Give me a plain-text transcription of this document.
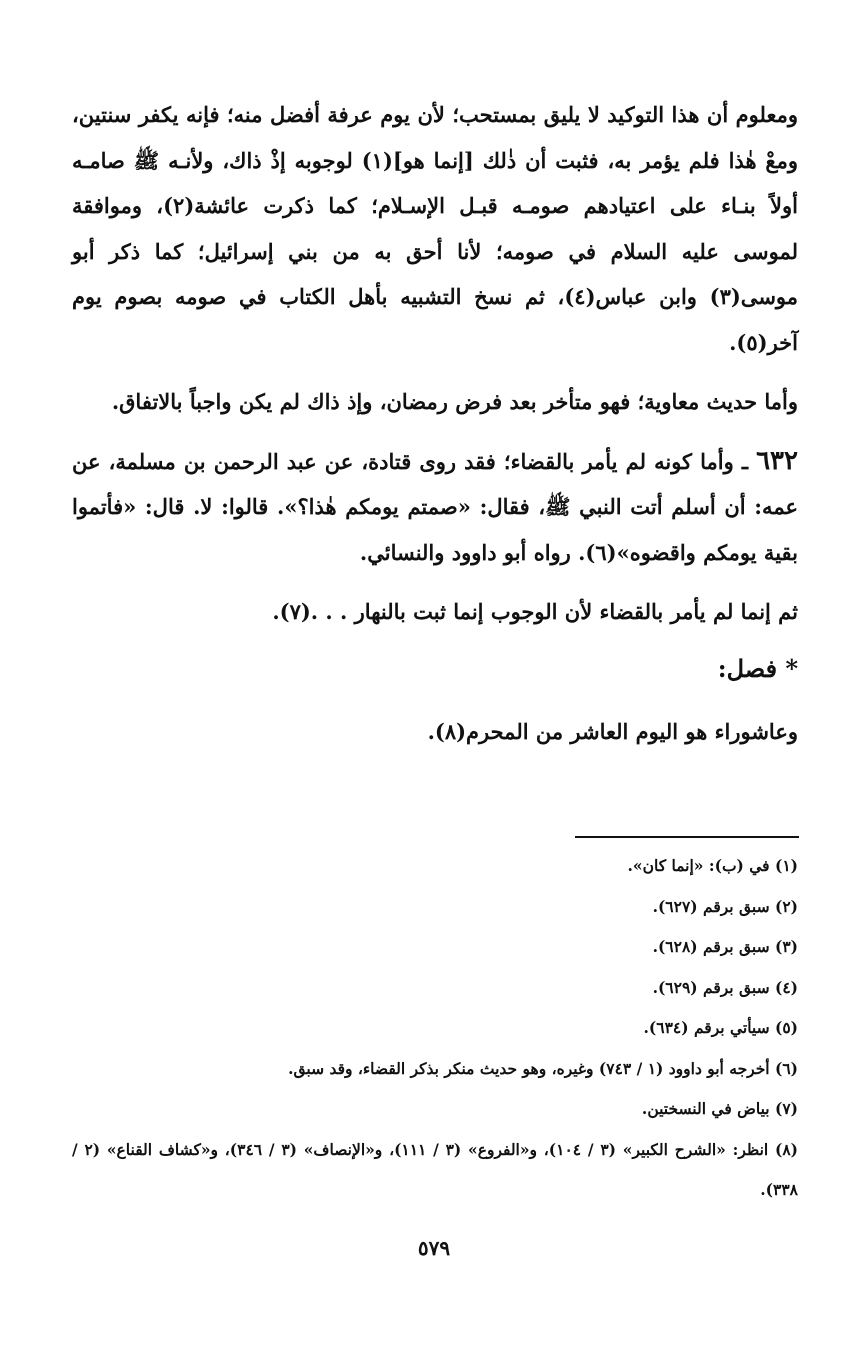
ومعلوم أن هذا التوكيد لا يليق بمستحب؛ لأن يوم عرفة أفضل منه؛ فإنه يكفر سنتين، ومعْ هٰذا فلم يؤمر به، فثبت أن ذٰلك [إنما هو](١) لوجوبه إذْ ذاك، ولأنـه ﷺ صامـه أولاً بنـاء على اعتيادهم صومـه قبـل الإسـلام؛ كما ذكرت عائشة(٢)، وموافقة لموسى عليه السلام في صومه؛ لأنا أحق به من بني إسرائيل؛ كما ذكر أبو موسى(٣) وابن عباس(٤)، ثم نسخ التشبيه بأهل الكتاب في صومه بصوم يوم آخر(٥).

وأما حديث معاوية؛ فهو متأخر بعد فرض رمضان، وإذ ذاك لم يكن واجباً بالاتفاق.

٦٣٢ ـ وأما كونه لم يأمر بالقضاء؛ فقد روى قتادة، عن عبد الرحمن بن مسلمة، عن عمه: أن أسلم أتت النبي ﷺ، فقال: «صمتم يومكم هٰذا؟». قالوا: لا. قال: «فأتموا بقية يومكم واقضوه»(٦). رواه أبو داوود والنسائي.

ثم إنما لم يأمر بالقضاء لأن الوجوب إنما ثبت بالنهار . . .(٧).

* فصل:

وعاشوراء هو اليوم العاشر من المحرم(٨).

(١) في (ب): «إنما كان».
(٢) سبق برقم (٦٢٧).
(٣) سبق برقم (٦٢٨).
(٤) سبق برقم (٦٢٩).
(٥) سيأتي برقم (٦٣٤).
(٦) أخرجه أبو داوود (١ / ٧٤٣) وغيره، وهو حديث منكر بذكر القضاء، وقد سبق.
(٧) بياض في النسختين.
(٨) انظر: «الشرح الكبير» (٣ / ١٠٤)، و«الفروع» (٣ / ١١١)، و«الإنصاف» (٣ / ٣٤٦)، و«كشاف القناع» (٢ / ٣٣٨).
٥٧٩
